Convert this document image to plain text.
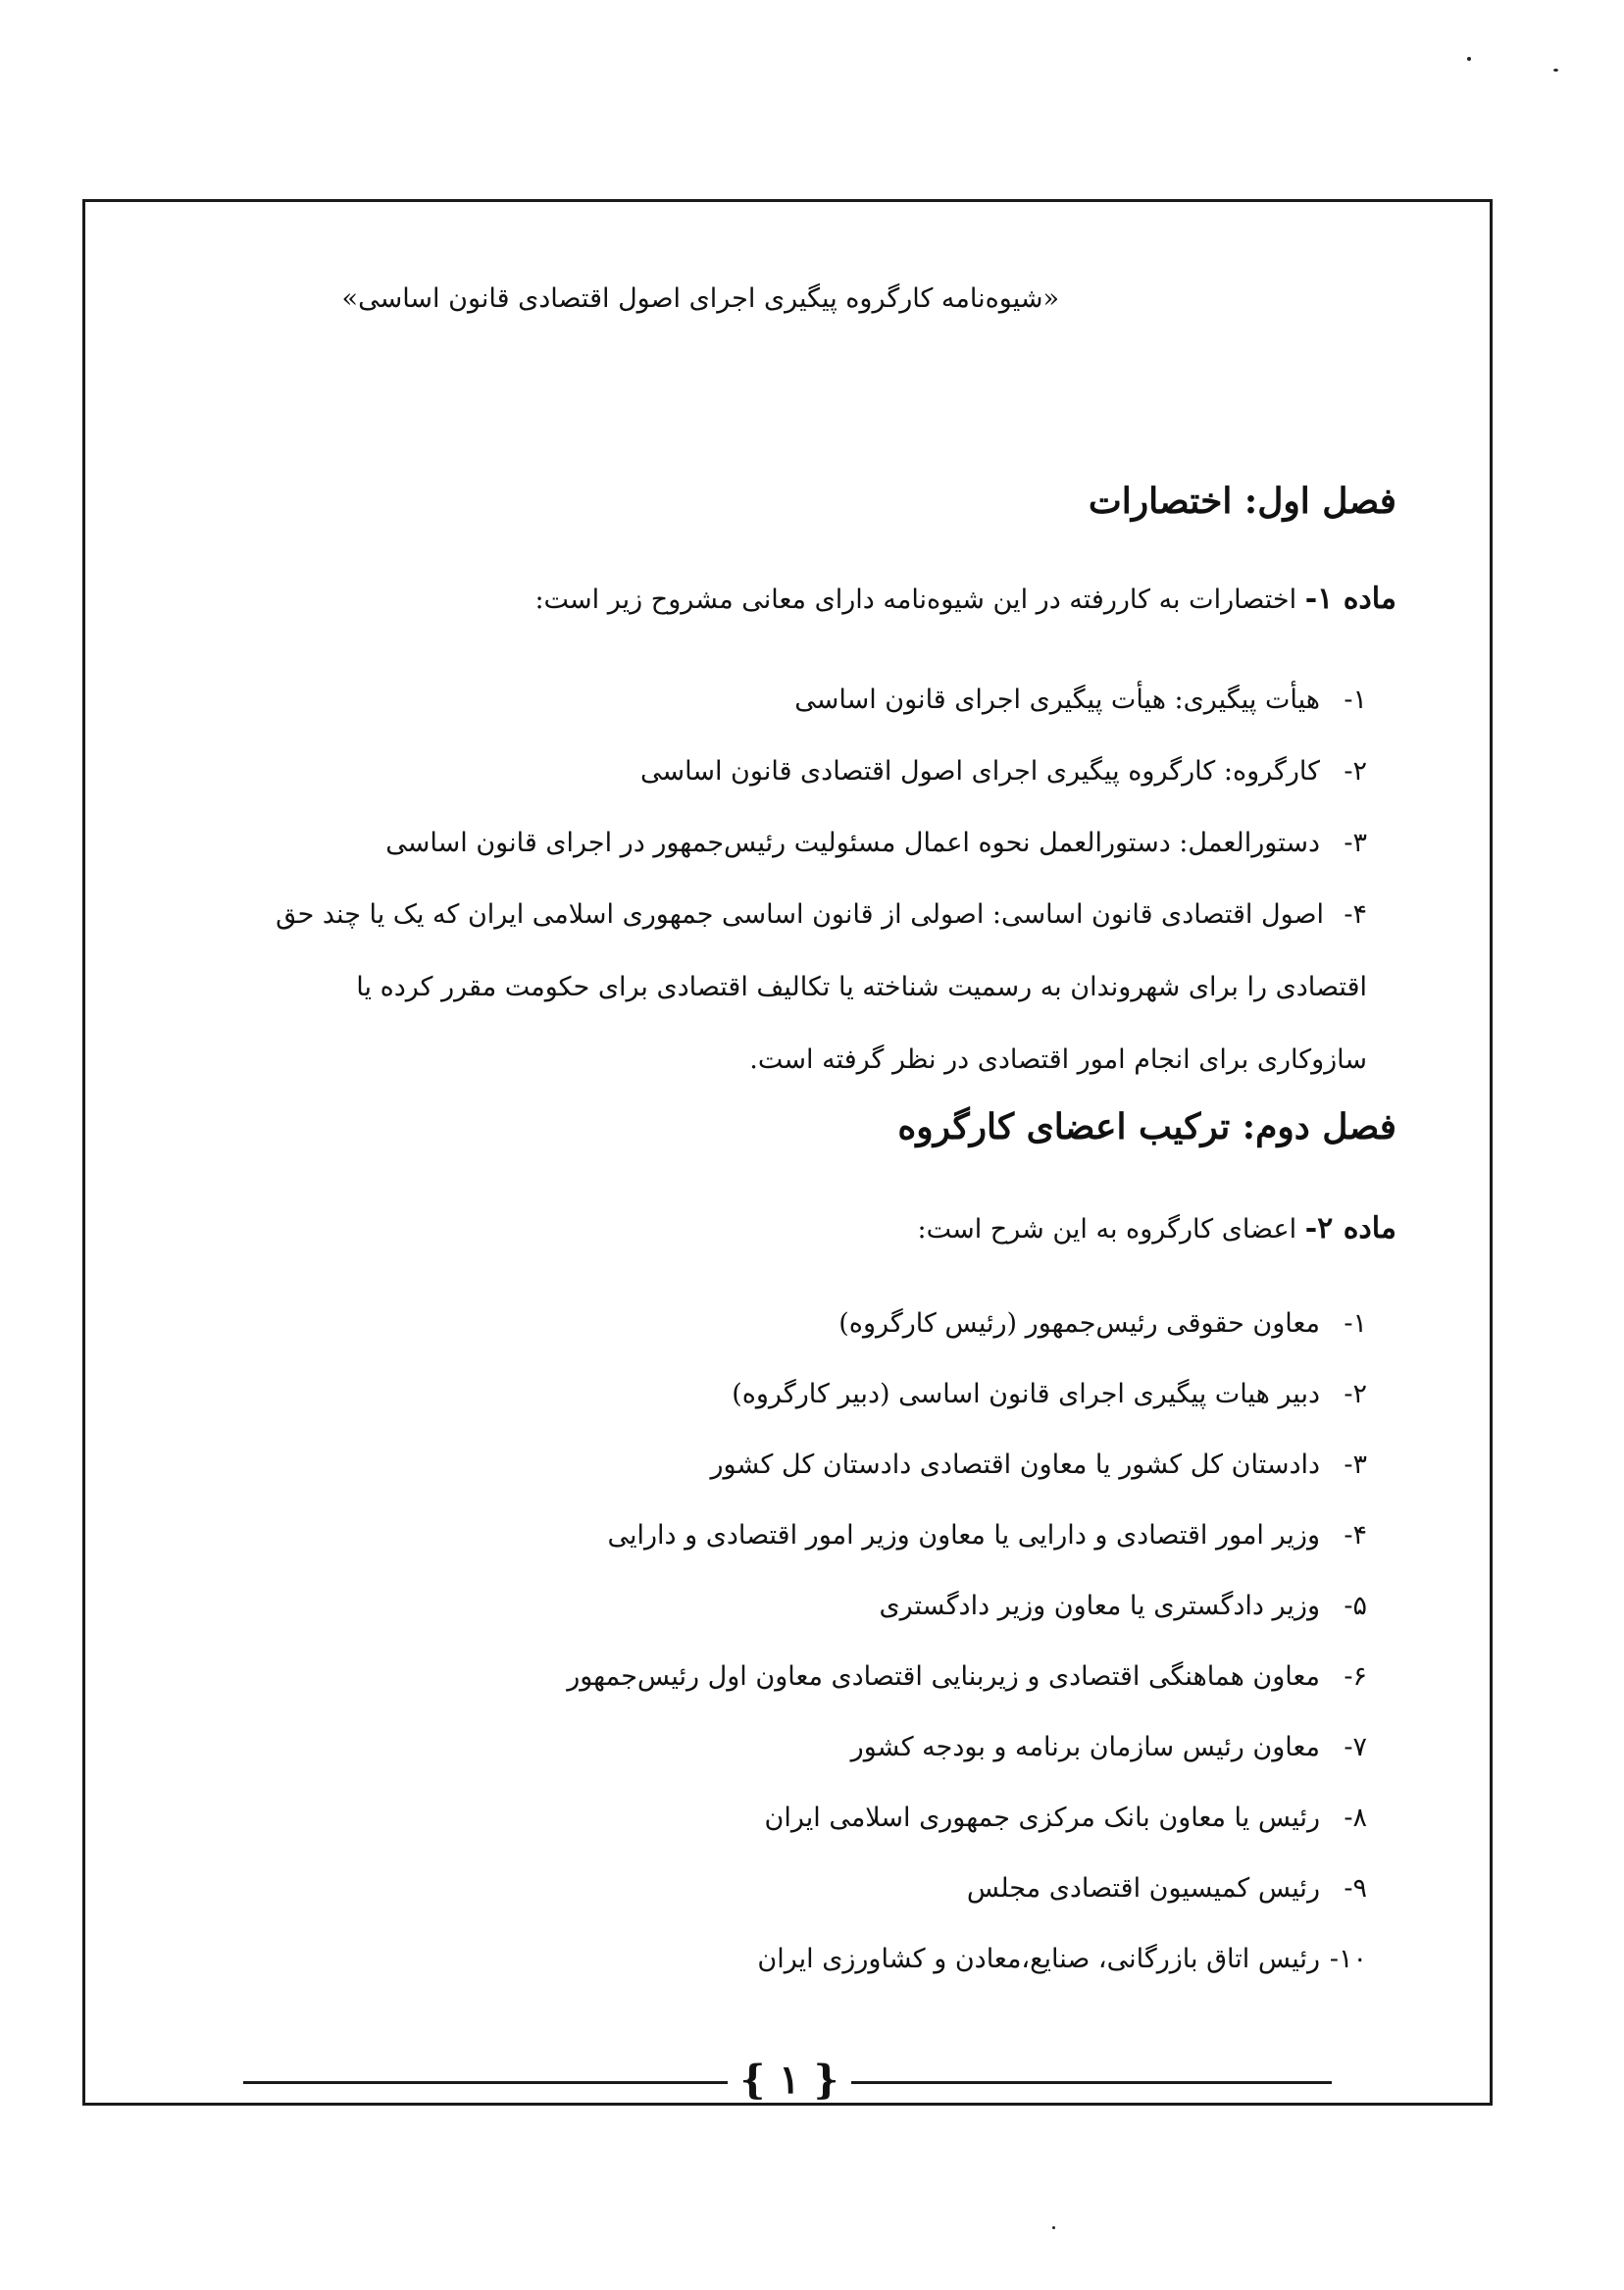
«شیوه‌نامه کارگروه پیگیری اجرای اصول اقتصادی قانون اساسی»
فصل اول: اختصارات
ماده ۱- اختصارات به کاررفته در این شیوه‌نامه دارای معانی مشروح زیر است:
۱-هیأت پیگیری: هیأت پیگیری اجرای قانون اساسی
۲-کارگروه: کارگروه پیگیری اجرای اصول اقتصادی قانون اساسی
۳-دستورالعمل: دستورالعمل نحوه اعمال مسئولیت رئیس‌جمهور در اجرای قانون اساسی
۴-اصول اقتصادی قانون اساسی: اصولی از قانون اساسی جمهوری اسلامی ایران که یک یا چند حق اقتصادی را برای شهروندان به رسمیت شناخته یا تکالیف اقتصادی برای حکومت مقرر کرده یا سازوکاری برای انجام امور اقتصادی در نظر گرفته است.
فصل دوم: ترکیب اعضای کارگروه
ماده ۲- اعضای کارگروه به این شرح است:
۱-معاون حقوقی رئیس‌جمهور (رئیس کارگروه)
۲-دبیر هیات پیگیری اجرای قانون اساسی (دبیر کارگروه)
۳-دادستان کل کشور یا معاون اقتصادی دادستان کل کشور
۴-وزیر امور اقتصادی و دارایی یا معاون وزیر امور اقتصادی و دارایی
۵-وزیر دادگستری یا معاون وزیر دادگستری
۶-معاون هماهنگی اقتصادی و زیربنایی اقتصادی معاون اول رئیس‌جمهور
۷-معاون رئیس سازمان برنامه و بودجه کشور
۸-رئیس یا معاون بانک مرکزی جمهوری اسلامی ایران
۹-رئیس کمیسیون اقتصادی مجلس
۱۰-رئیس اتاق بازرگانی، صنایع،معادن و کشاورزی ایران
{ ۱ }
